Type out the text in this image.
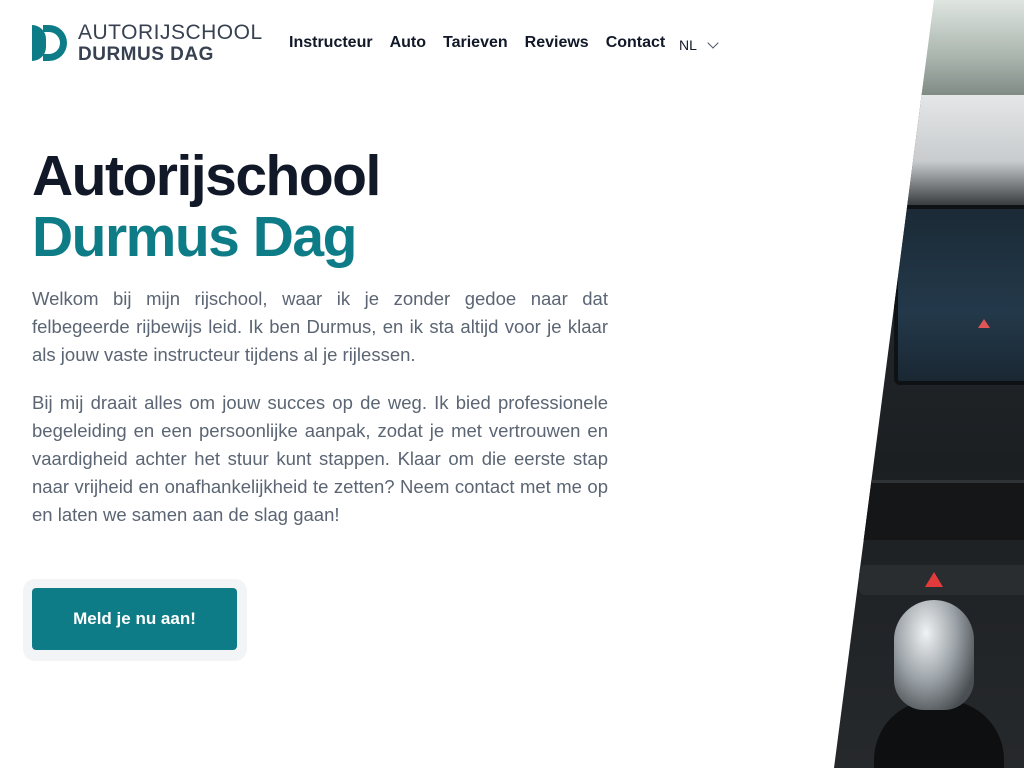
AUTORIJSCHOOL
DURMUS DAG
Instructeur Auto Tarieven Reviews Contact NL
Autorijschool
Durmus Dag

Welkom bij mijn rijschool, waar ik je zonder gedoe naar dat felbegeerde rijbewijs leid. Ik ben Durmus, en ik sta altijd voor je klaar als jouw vaste instructeur tijdens al je rijlessen.

Bij mij draait alles om jouw succes op de weg. Ik bied professionele begeleiding en een persoonlijke aanpak, zodat je met vertrouwen en vaardigheid achter het stuur kunt stappen. Klaar om die eerste stap naar vrijheid en onafhankelijkheid te zetten? Neem contact met me op en laten we samen aan de slag gaan!

Meld je nu aan!
